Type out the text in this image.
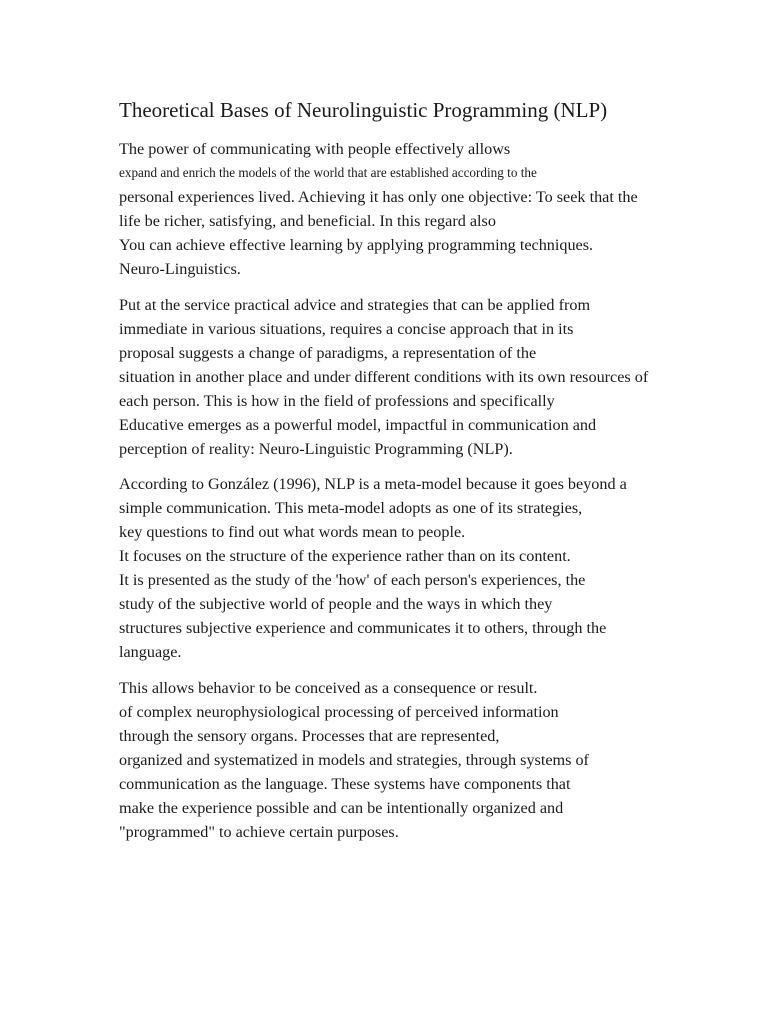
Theoretical Bases of Neurolinguistic Programming (NLP)
The power of communicating with people effectively allows
expand and enrich the models of the world that are established according to the
personal experiences lived. Achieving it has only one objective: To seek that the
life be richer, satisfying, and beneficial. In this regard also
You can achieve effective learning by applying programming techniques.
Neuro-Linguistics.
Put at the service practical advice and strategies that can be applied from
immediate in various situations, requires a concise approach that in its
proposal suggests a change of paradigms, a representation of the
situation in another place and under different conditions with its own resources of
each person. This is how in the field of professions and specifically
Educative emerges as a powerful model, impactful in communication and
perception of reality: Neuro-Linguistic Programming (NLP).
According to González (1996), NLP is a meta-model because it goes beyond a
simple communication. This meta-model adopts as one of its strategies,
key questions to find out what words mean to people.
It focuses on the structure of the experience rather than on its content.
It is presented as the study of the 'how' of each person's experiences, the
study of the subjective world of people and the ways in which they
structures subjective experience and communicates it to others, through the
language.
This allows behavior to be conceived as a consequence or result.
of complex neurophysiological processing of perceived information
through the sensory organs. Processes that are represented,
organized and systematized in models and strategies, through systems of
communication as the language. These systems have components that
make the experience possible and can be intentionally organized and
"programmed" to achieve certain purposes.
